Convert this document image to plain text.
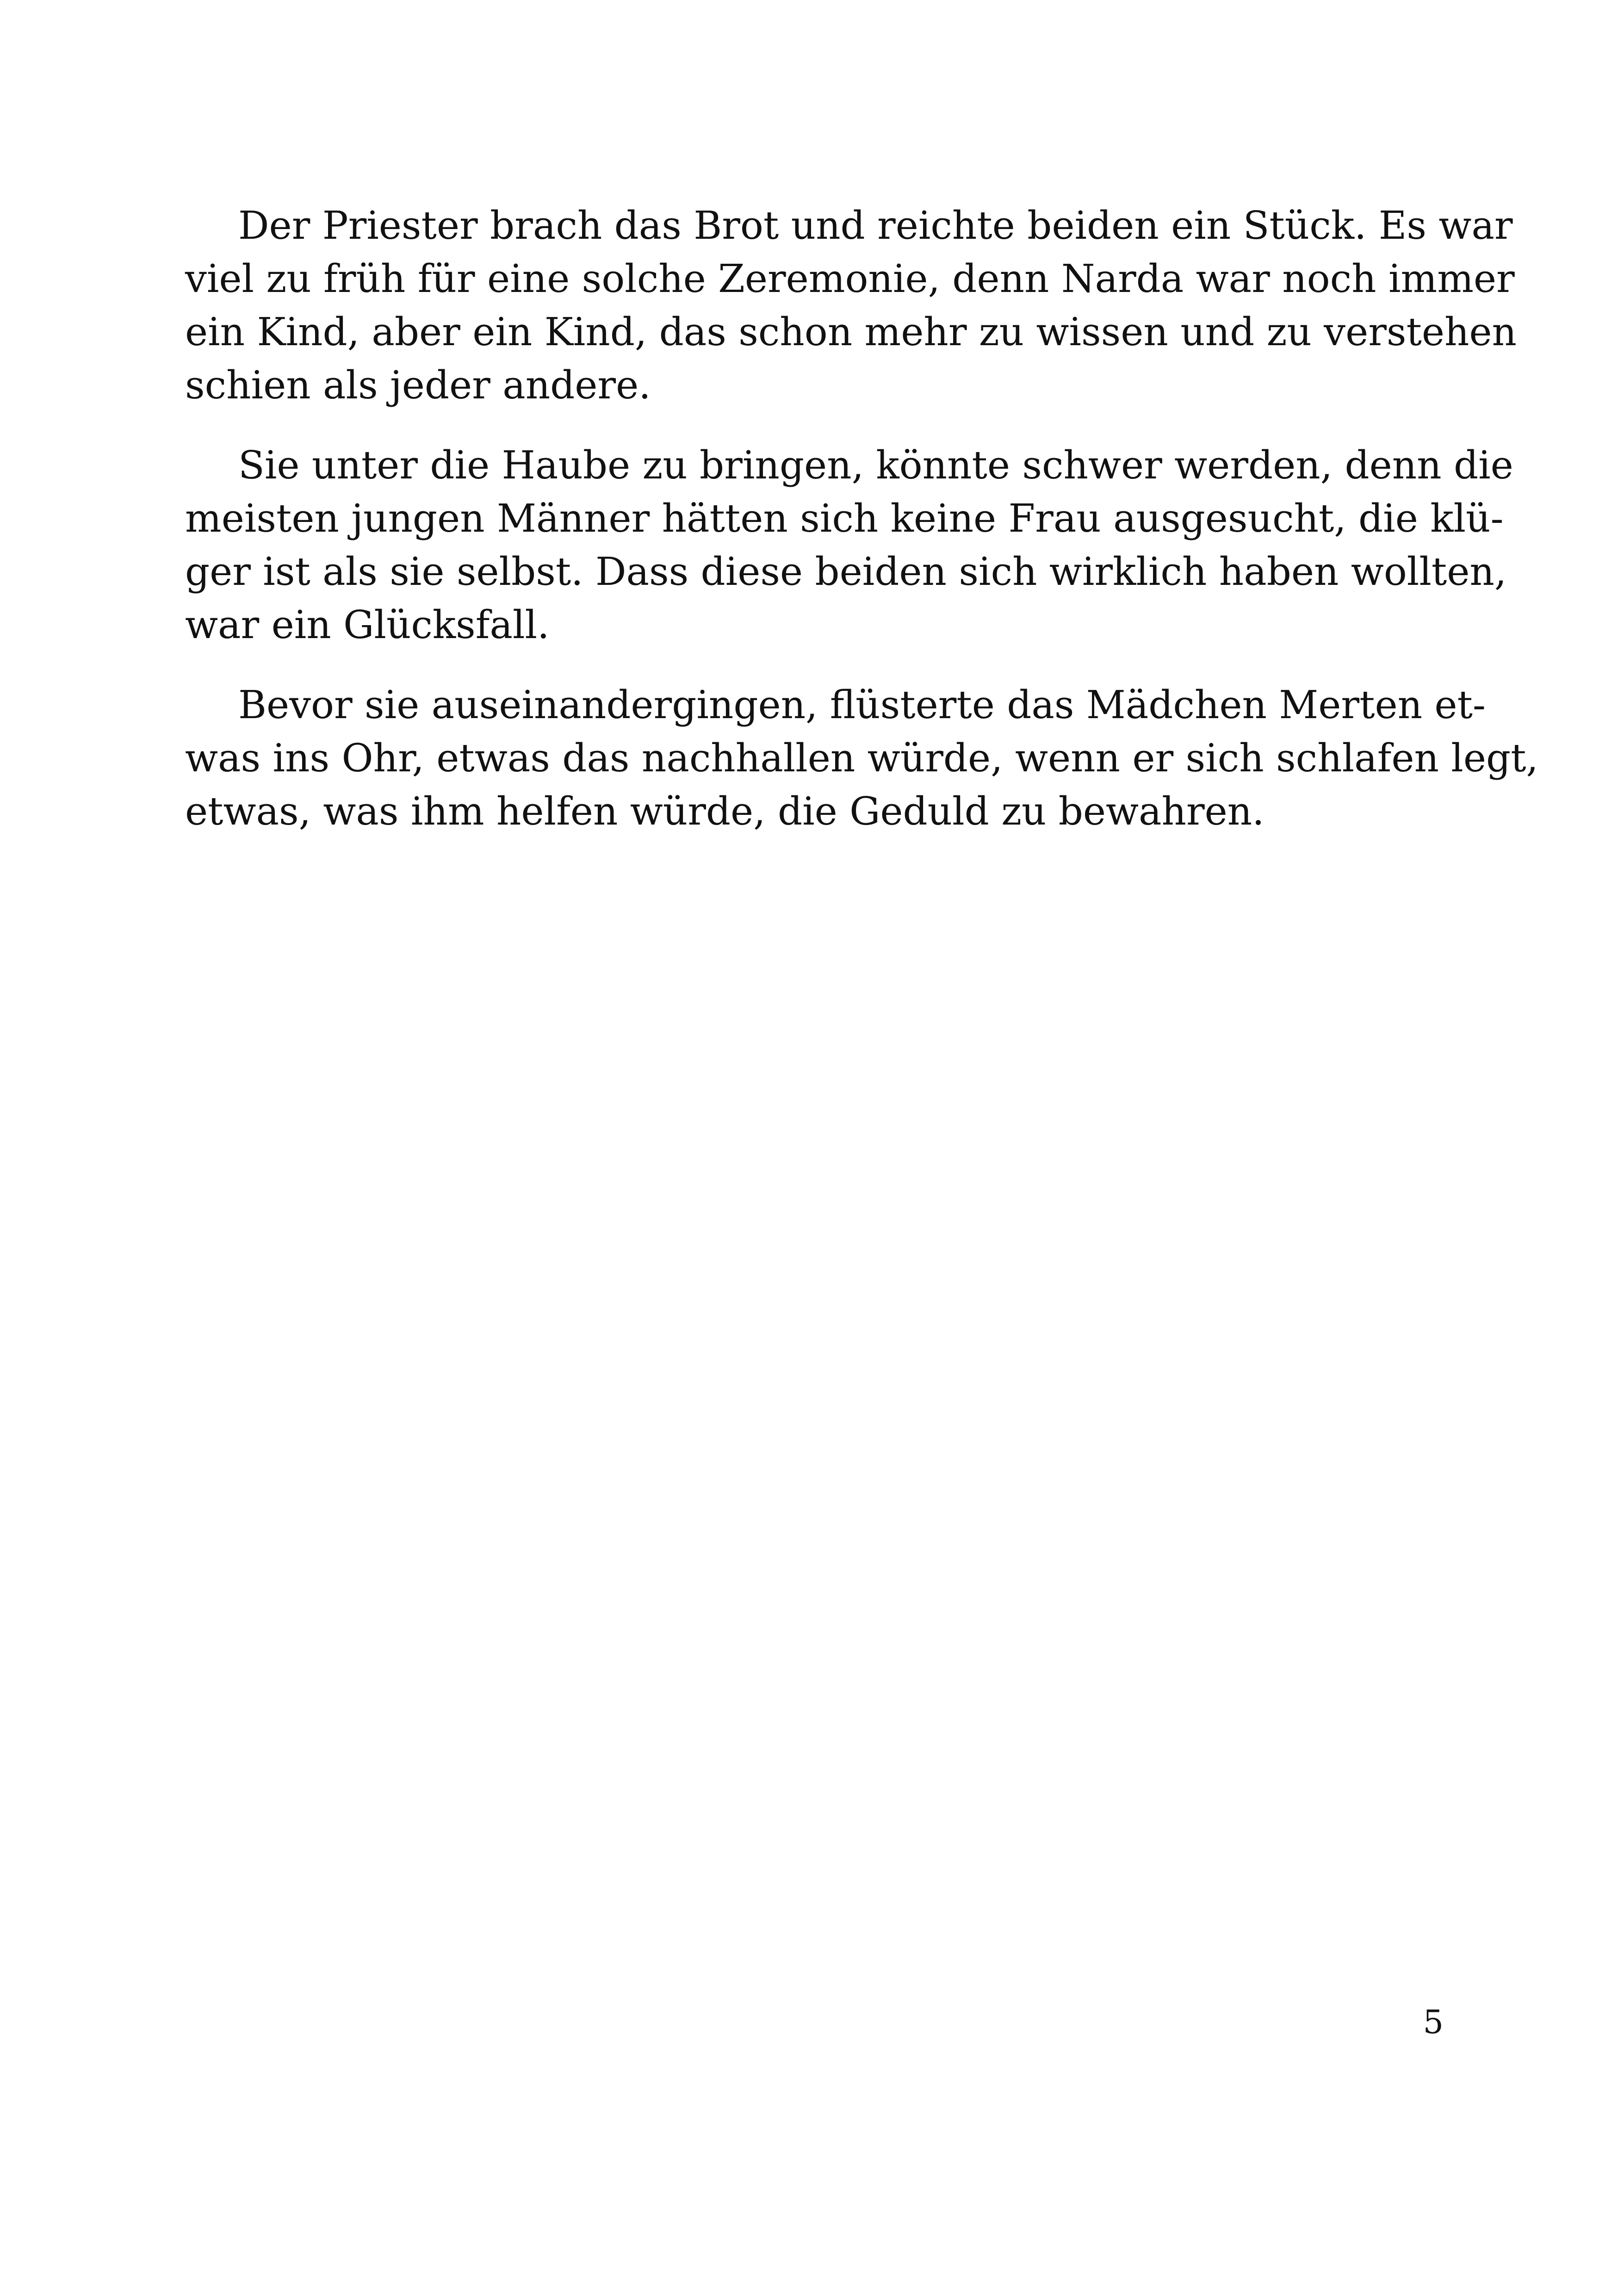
Der Priester brach das Brot und reichte beiden ein Stück. Es war
viel zu früh für eine solche Zeremonie, denn Narda war noch immer
ein Kind, aber ein Kind, das schon mehr zu wissen und zu verstehen
schien als jeder andere.
Sie unter die Haube zu bringen, könnte schwer werden, denn die
meisten jungen Männer hätten sich keine Frau ausgesucht, die klü-
ger ist als sie selbst. Dass diese beiden sich wirklich haben wollten,
war ein Glücksfall.
Bevor sie auseinandergingen, flüsterte das Mädchen Merten et-
was ins Ohr, etwas das nachhallen würde, wenn er sich schlafen legt,
etwas, was ihm helfen würde, die Geduld zu bewahren.
5
